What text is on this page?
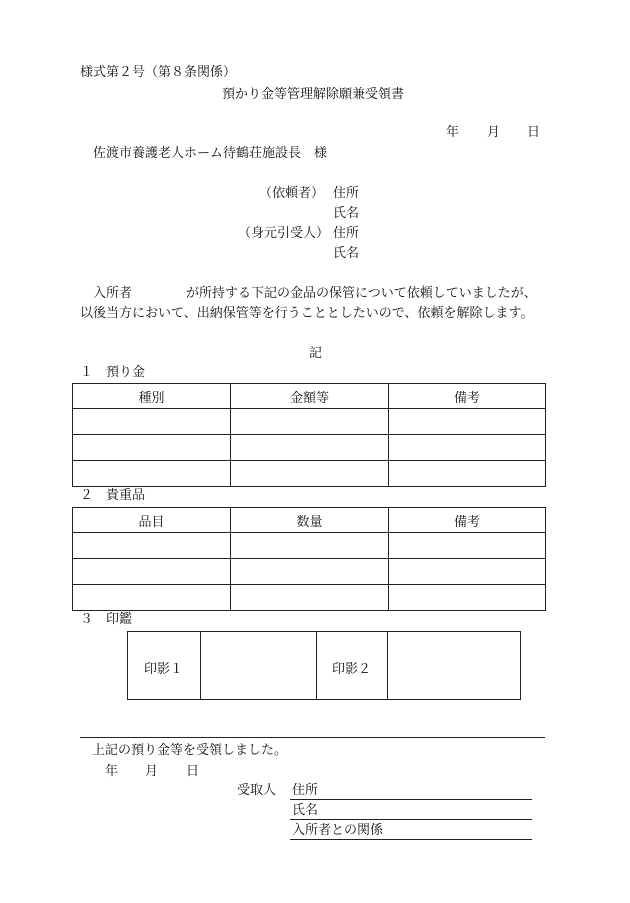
様式第２号（第８条関係）
預かり金等管理解除願兼受領書
年 月 日
佐渡市養護老人ホーム待鶴荘施設長　様
（依頼者） 住所
氏名
（身元引受人） 住所
氏名
入所者	が所持する下記の金品の保管について依頼していましたが、
以後当方において、出納保管等を行うこととしたいので、依頼を解除します。
記
１　預り金
種別	金額等	備考

２　貴重品
品目	数量	備考

３　印鑑
印影１	印影２
上記の預り金等を受領しました。
年 月 日
受取人 住所
氏名
入所者との関係
